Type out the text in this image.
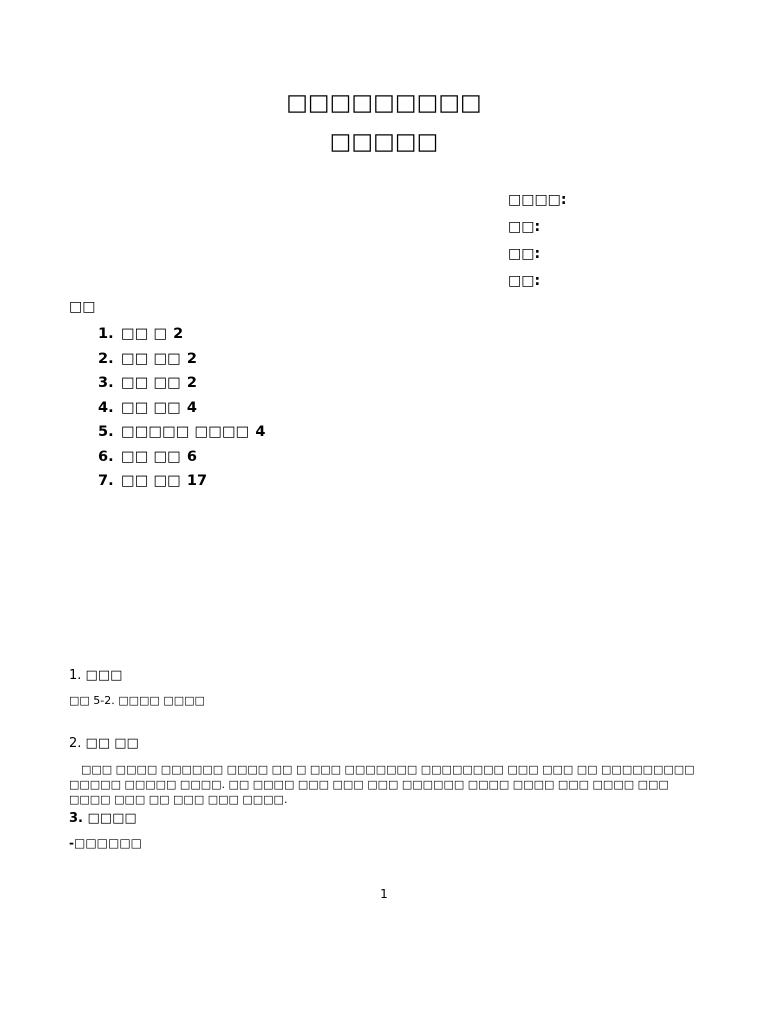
□□□□□□□□□
□□□□□
□□□□:
□□:
□□:
□□:
□□
1. □□ □ 2
2. □□ □□ 2
3. □□ □□ 2
4. □□ □□ 4
5. □□□□□ □□□□ 4
6. □□ □□ 6
7. □□ □□ 17
1. □□□
□□ 5-2. □□□□ □□□□
2. □□ □□
□□□ □□□□ □□□□□□ □□□□ □□ □ □□□ □□□□□□□ □□□□□□□□ □□□ □□□ □□ □□□□□□□□□ □□□□□ □□□□□ □□□□. □□ □□□□ □□□ □□□ □□□ □□□□□□ □□□□ □□□□ □□□ □□□□ □□□ □□□□ □□□ □□ □□□ □□□ □□□□.
3. □□□□
-□□□□□□
1
